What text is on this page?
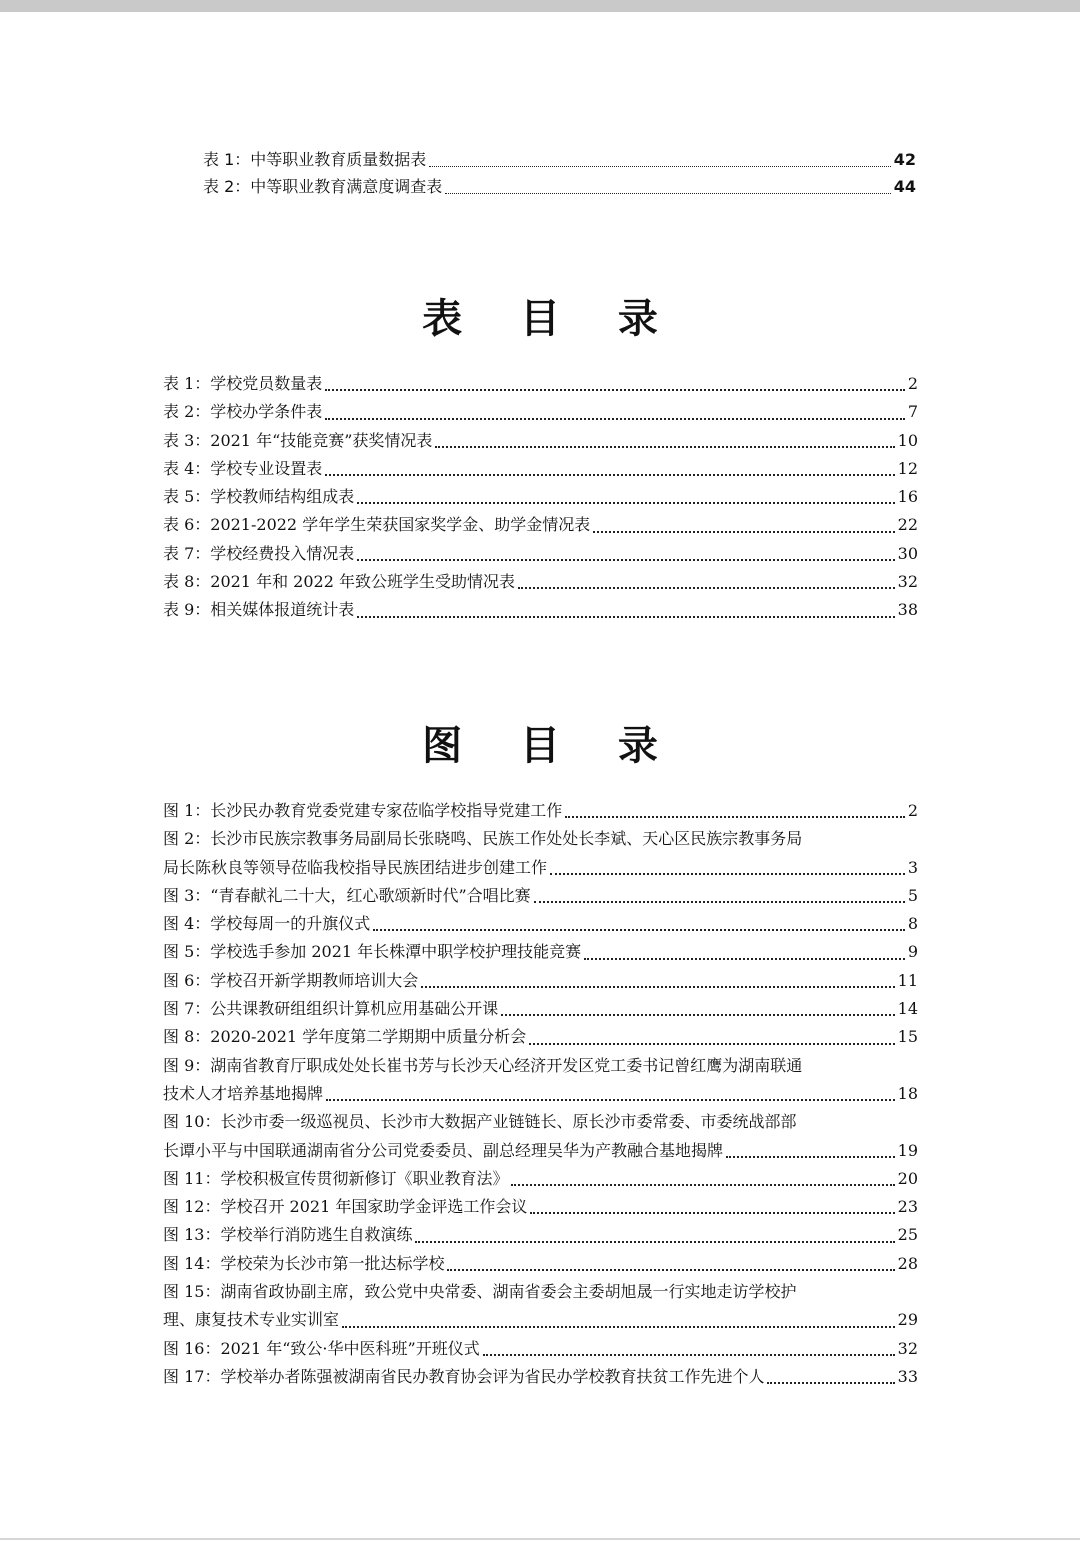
表 1：中等职业教育质量数据表	42
表 2：中等职业教育满意度调查表	44
表 目 录
表 1：学校党员数量表	2
表 2：学校办学条件表	7
表 3：2021 年“技能竞赛”获奖情况表	10
表 4：学校专业设置表	12
表 5：学校教师结构组成表	16
表 6：2021-2022 学年学生荣获国家奖学金、助学金情况表	22
表 7：学校经费投入情况表	30
表 8：2021 年和 2022 年致公班学生受助情况表	32
表 9：相关媒体报道统计表	38
图 目 录
图 1：长沙民办教育党委党建专家莅临学校指导党建工作	2
图 2：长沙市民族宗教事务局副局长张晓鸣、民族工作处处长李斌、天心区民族宗教事务局
局长陈秋良等领导莅临我校指导民族团结进步创建工作	3
图 3：“青春献礼二十大，红心歌颂新时代”合唱比赛	5
图 4：学校每周一的升旗仪式	8
图 5：学校选手参加 2021 年长株潭中职学校护理技能竞赛	9
图 6：学校召开新学期教师培训大会	11
图 7：公共课教研组组织计算机应用基础公开课	14
图 8：2020-2021 学年度第二学期期中质量分析会	15
图 9：湖南省教育厅职成处处长崔书芳与长沙天心经济开发区党工委书记曾红鹰为湖南联通
技术人才培养基地揭牌	18
图 10：长沙市委一级巡视员、长沙市大数据产业链链长、原长沙市委常委、市委统战部部
长谭小平与中国联通湖南省分公司党委委员、副总经理吴华为产教融合基地揭牌	19
图 11：学校积极宣传贯彻新修订《职业教育法》	20
图 12：学校召开 2021 年国家助学金评选工作会议	23
图 13：学校举行消防逃生自救演练	25
图 14：学校荣为长沙市第一批达标学校	28
图 15：湖南省政协副主席，致公党中央常委、湖南省委会主委胡旭晟一行实地走访学校护
理、康复技术专业实训室	29
图 16：2021 年“致公·华中医科班”开班仪式	32
图 17：学校举办者陈强被湖南省民办教育协会评为省民办学校教育扶贫工作先进个人	33
